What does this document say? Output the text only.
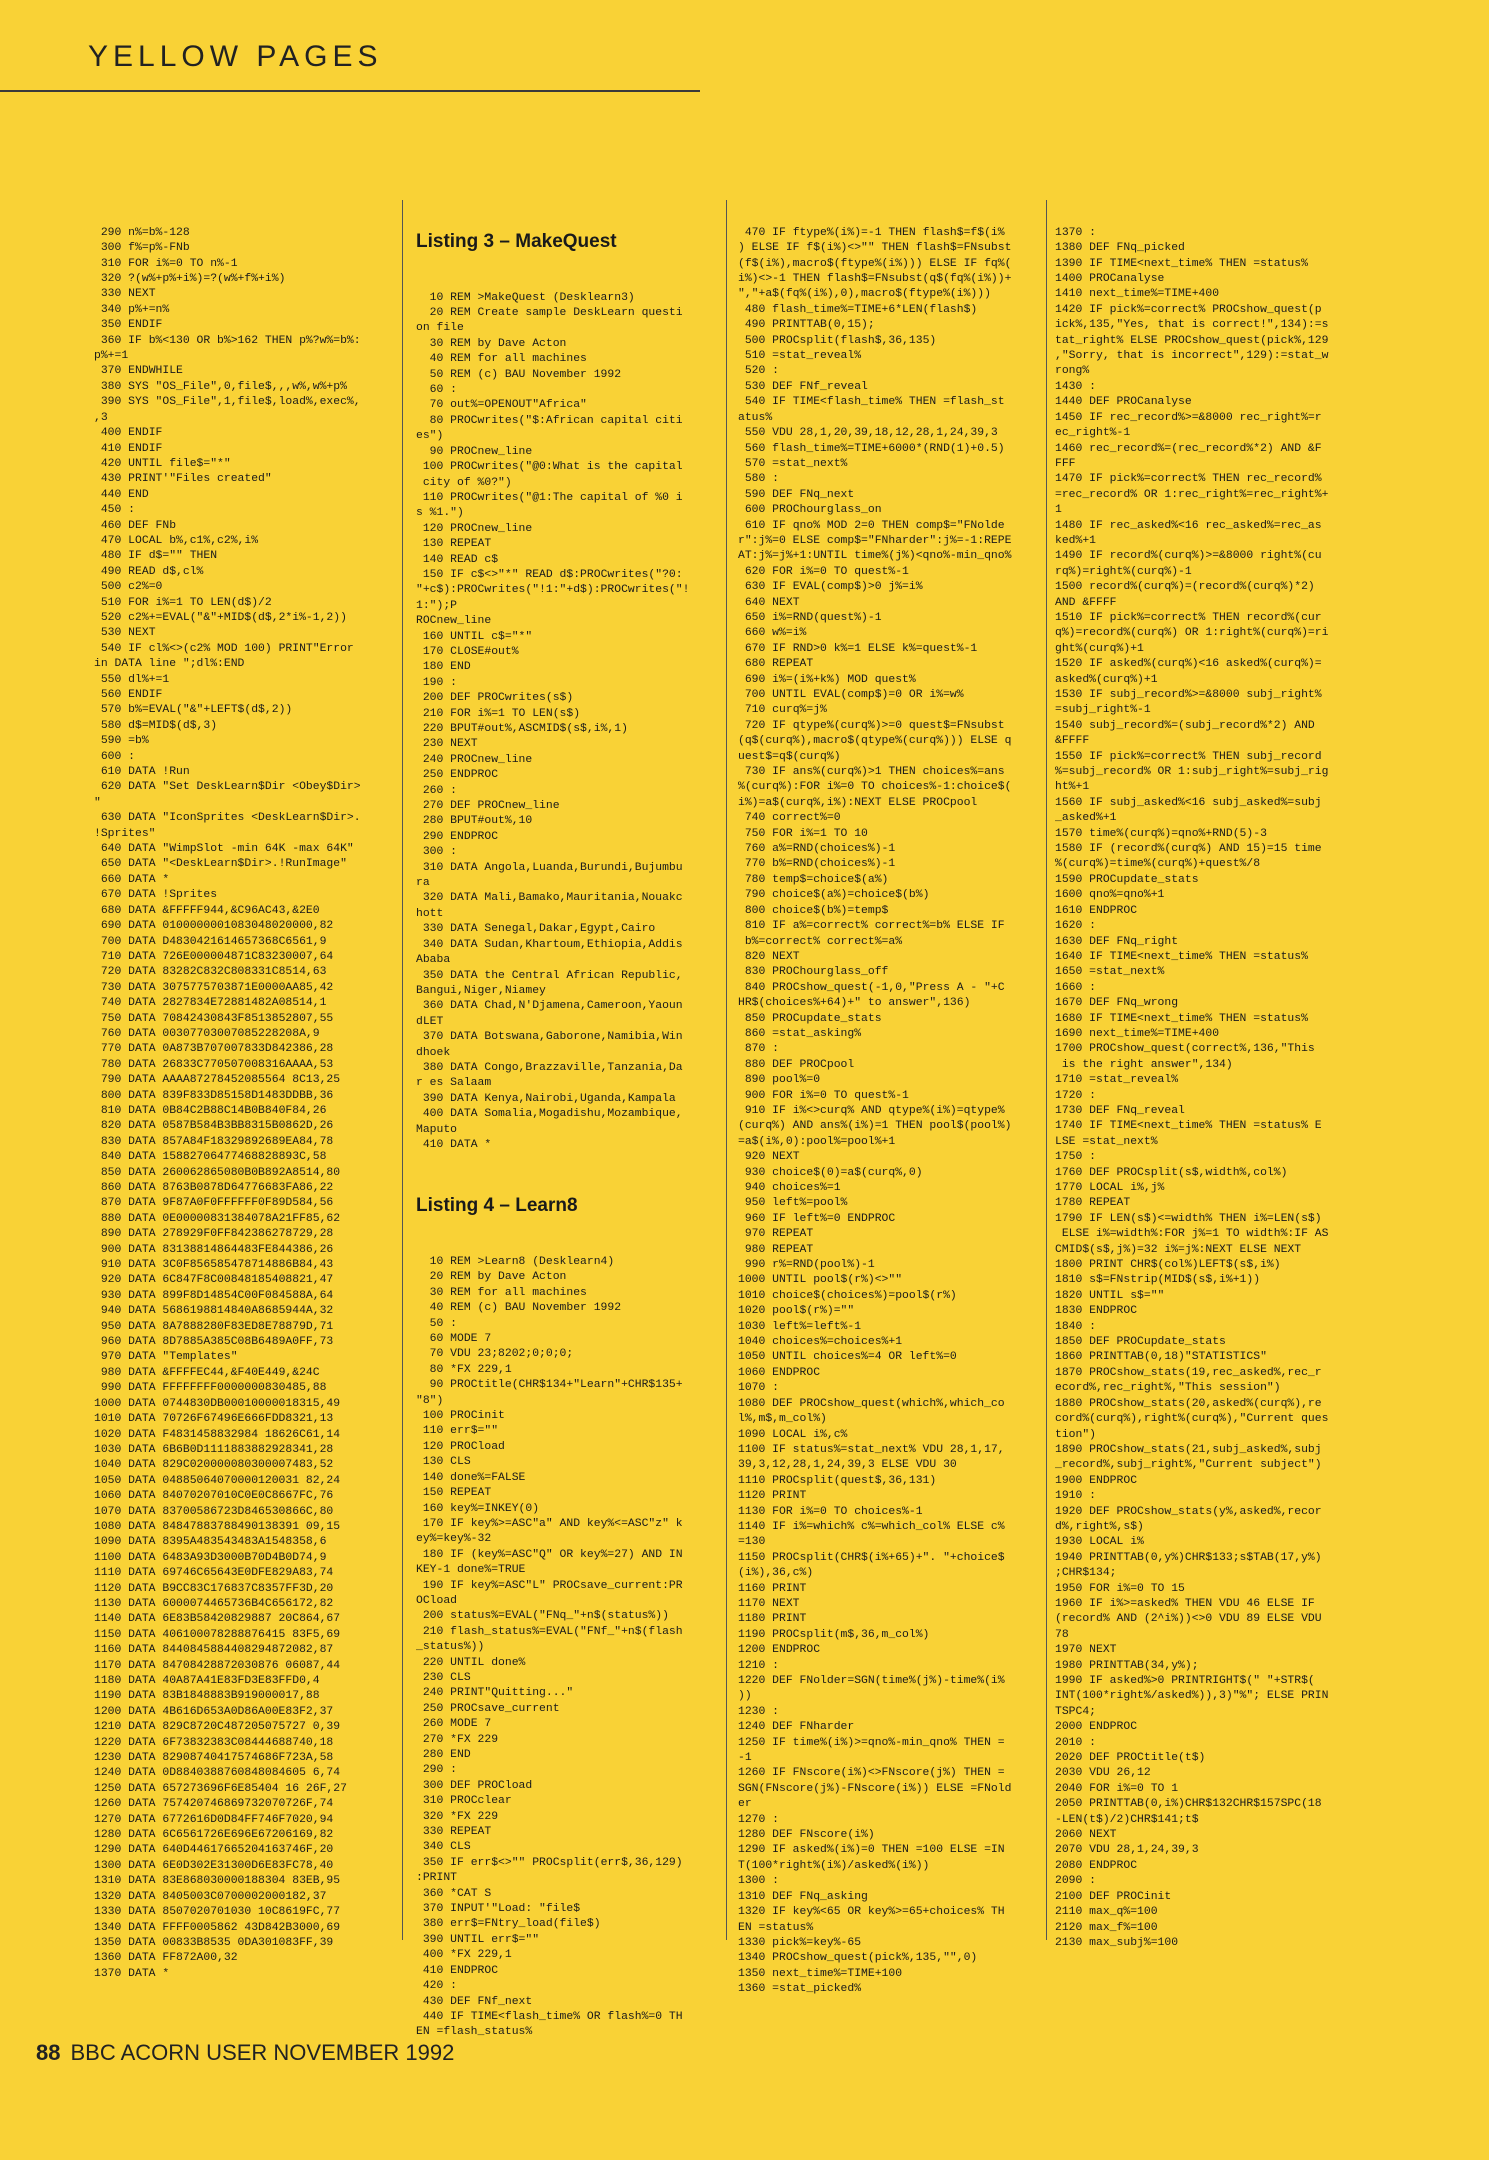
YELLOW PAGES

290 n%=b%-128
300 f%=p%-FNb
310 FOR i%=0 TO n%-1
320 ?(w%+p%+i%)=?(w%+f%+i%)
330 NEXT
340 p%+=n%
350 ENDIF
360 IF b%<130 OR b%>162 THEN p%?w%=b%:
p%+=1
370 ENDWHILE
380 SYS "OS_File",0,file$,,,w%,w%+p%
390 SYS "OS_File",1,file$,load%,exec%,
,3
400 ENDIF
410 ENDIF
420 UNTIL file$="*"
430 PRINT'"Files created"
440 END
450 :
460 DEF FNb
470 LOCAL b%,c1%,c2%,i%
480 IF d$="" THEN
490 READ d$,cl%
500 c2%=0
510 FOR i%=1 TO LEN(d$)/2
520 c2%+=EVAL("&"+MID$(d$,2*i%-1,2))
530 NEXT
540 IF cl%<>(c2% MOD 100) PRINT"Error
in DATA line ";dl%:END
550 dl%+=1
560 ENDIF
570 b%=EVAL("&"+LEFT$(d$,2))
580 d$=MID$(d$,3)
590 =b%
600 :
610 DATA !Run
620 DATA "Set DeskLearn$Dir <Obey$Dir>
"
630 DATA "IconSprites <DeskLearn$Dir>.
!Sprites"
640 DATA "WimpSlot -min 64K -max 64K"
650 DATA "<DeskLearn$Dir>.!RunImage"
660 DATA *
670 DATA !Sprites
680 DATA &FFFFF944,&C96AC43,&2E0
690 DATA 0100000001083048020000,82
700 DATA D4830421614657368C6561,9
710 DATA 726E000004871C83230007,64
720 DATA 83282C832C808331C8514,63
730 DATA 3075775703871E0000AA85,42
740 DATA 2827834E72881482A08514,1
750 DATA 70842430843F8513852807,55
760 DATA 00307703007085228208A,9
770 DATA 0A873B707007833D842386,28
780 DATA 26833C770507008316AAAA,53
790 DATA AAAA87278452085564 8C13,25
800 DATA 839F833D85158D1483DDBB,36
810 DATA 0B84C2B88C14B0B840F84,26
820 DATA 0587B584B3BB8315B0862D,26
830 DATA 857A84F18329892689EA84,78
840 DATA 15882706477468828893C,58
850 DATA 260062865080B0B892A8514,80
860 DATA 8763B0878D64776683FA86,22
870 DATA 9F87A0F0FFFFFF0F89D584,56
880 DATA 0E00000831384078A21FF85,62
890 DATA 278929F0FF842386278729,28
900 DATA 83138814864483FE844386,26
910 DATA 3C0F856585478714886B84,43
920 DATA 6C847F8C00848185408821,47
930 DATA 899F8D14854C00F084588A,64
940 DATA 5686198814840A8685944A,32
950 DATA 8A7888280F83ED8E78879D,71
960 DATA 8D7885A385C08B6489A0FF,73
970 DATA "Templates"
980 DATA &FFFFEC44,&F40E449,&24C
990 DATA FFFFFFFF0000000830485,88
1000 DATA 0744830DB00010000018315,49
1010 DATA 70726F67496E666FDD8321,13
1020 DATA F4831458832984 18626C61,14
1030 DATA 6B6B0D1111883882928341,28
1040 DATA 829C020000080300007483,52
1050 DATA 04885064070000120031 82,24
1060 DATA 84070207010C0E0C8667FC,76
1070 DATA 83700586723D846530866C,80
1080 DATA 84847883788490138391 09,15
1090 DATA 8395A483543483A1548358,6
1100 DATA 6483A93D3000B70D4B0D74,9
1110 DATA 69746C65643E0DFE829A83,74
1120 DATA B9CC83C176837C8357FF3D,20
1130 DATA 6000074465736B4C656172,82
1140 DATA 6E83B58420829887 20C864,67
1150 DATA 406100078288876415 83F5,69
1160 DATA 8440845884408294872082,87
1170 DATA 84708428872030876 06087,44
1180 DATA 40A87A41E83FD3E83FFD0,4
1190 DATA 83B1848883B919000017,88
1200 DATA 4B616D653A0D86A00E83F2,37
1210 DATA 829C8720C487205075727 0,39
1220 DATA 6F73832383C08444688740,18
1230 DATA 82908740417574686F723A,58
1240 DATA 0D8840388760848084605 6,74
1250 DATA 657273696F6E85404 16 26F,27
1260 DATA 757420746869732070726F,74
1270 DATA 6772616D0D84FF746F7020,94
1280 DATA 6C6561726E696E67206169,82
1290 DATA 640D44617665204163746F,20
1300 DATA 6E0D302E31300D6E83FC78,40
1310 DATA 83E868030000188304 83EB,95
1320 DATA 8405003C0700002000182,37
1330 DATA 8507020701030 10C8619FC,77
1340 DATA FFFF0005862 43D842B3000,69
1350 DATA 00833B8535 0DA301083FF,39
1360 DATA FF872A00,32
1370 DATA *

Listing 3 – MakeQuest

10 REM >MakeQuest (Desklearn3)
20 REM Create sample DeskLearn questi
on file
30 REM by Dave Acton
40 REM for all machines
50 REM (c) BAU November 1992
60 :
70 out%=OPENOUT"Africa"
80 PROCwrites("$:African capital citi
es")
90 PROCnew_line
100 PROCwrites("@0:What is the capital
city of %0?")
110 PROCwrites("@1:The capital of %0 i
s %1.")
120 PROCnew_line
130 REPEAT
140 READ c$
150 IF c$<>"*" READ d$:PROCwrites("?0:
"+c$):PROCwrites("!1:"+d$):PROCwrites("!1:");P
ROCnew_line
160 UNTIL c$="*"
170 CLOSE#out%
180 END
190 :
200 DEF PROCwrites(s$)
210 FOR i%=1 TO LEN(s$)
220 BPUT#out%,ASCMID$(s$,i%,1)
230 NEXT
240 PROCnew_line
250 ENDPROC
260 :
270 DEF PROCnew_line
280 BPUT#out%,10
290 ENDPROC
300 :
310 DATA Angola,Luanda,Burundi,Bujumbu
ra
320 DATA Mali,Bamako,Mauritania,Nouakc
hott
330 DATA Senegal,Dakar,Egypt,Cairo
340 DATA Sudan,Khartoum,Ethiopia,Addis
Ababa
350 DATA the Central African Republic,
Bangui,Niger,Niamey
360 DATA Chad,N'Djamena,Cameroon,Yaoun
dLET
370 DATA Botswana,Gaborone,Namibia,Win
dhoek
380 DATA Congo,Brazzaville,Tanzania,Da
r es Salaam
390 DATA Kenya,Nairobi,Uganda,Kampala
400 DATA Somalia,Mogadishu,Mozambique,
Maputo
410 DATA *

Listing 4 – Learn8

10 REM >Learn8 (Desklearn4)
20 REM by Dave Acton
30 REM for all machines
40 REM (c) BAU November 1992
50 :
60 MODE 7
70 VDU 23;8202;0;0;0;
80 *FX 229,1
90 PROCtitle(CHR$134+"Learn"+CHR$135+
"8")
100 PROCinit
110 err$=""
120 PROCload
130 CLS
140 done%=FALSE
150 REPEAT
160 key%=INKEY(0)
170 IF key%>=ASC"a" AND key%<=ASC"z" k
ey%=key%-32
180 IF (key%=ASC"Q" OR key%=27) AND IN
KEY-1 done%=TRUE
190 IF key%=ASC"L" PROCsave_current:PR
OCload
200 status%=EVAL("FNq_"+n$(status%))
210 flash_status%=EVAL("FNf_"+n$(flash
_status%))
220 UNTIL done%
230 CLS
240 PRINT"Quitting..."
250 PROCsave_current
260 MODE 7
270 *FX 229
280 END
290 :
300 DEF PROCload
310 PROCclear
320 *FX 229
330 REPEAT
340 CLS
350 IF err$<>"" PROCsplit(err$,36,129)
:PRINT
360 *CAT S
370 INPUT'"Load: "file$
380 err$=FNtry_load(file$)
390 UNTIL err$=""
400 *FX 229,1
410 ENDPROC
420 :
430 DEF FNf_next
440 IF TIME<flash_time% OR flash%=0 TH
EN =flash_status%

470 IF ftype%(i%)=-1 THEN flash$=f$(i%
) ELSE IF f$(i%)<>"" THEN flash$=FNsubst
(f$(i%),macro$(ftype%(i%))) ELSE IF fq%(
i%)<>-1 THEN flash$=FNsubst(q$(fq%(i%))+
","+a$(fq%(i%),0),macro$(ftype%(i%)))
480 flash_time%=TIME+6*LEN(flash$)
490 PRINTTAB(0,15);
500 PROCsplit(flash$,36,135)
510 =stat_reveal%
520 :
530 DEF FNf_reveal
540 IF TIME<flash_time% THEN =flash_st
atus%
550 VDU 28,1,20,39,18,12,28,1,24,39,3
560 flash_time%=TIME+6000*(RND(1)+0.5)
570 =stat_next%
580 :
590 DEF FNq_next
600 PROChourglass_on
610 IF qno% MOD 2=0 THEN comp$="FNolde
r":j%=0 ELSE comp$="FNharder":j%=-1:REPE
AT:j%=j%+1:UNTIL time%(j%)<qno%-min_qno%
620 FOR i%=0 TO quest%-1
630 IF EVAL(comp$)>0 j%=i%
640 NEXT
650 i%=RND(quest%)-1
660 w%=i%
670 IF RND>0 k%=1 ELSE k%=quest%-1
680 REPEAT
690 i%=(i%+k%) MOD quest%
700 UNTIL EVAL(comp$)=0 OR i%=w%
710 curq%=j%
720 IF qtype%(curq%)>=0 quest$=FNsubst
(q$(curq%),macro$(qtype%(curq%))) ELSE q
uest$=q$(curq%)
730 IF ans%(curq%)>1 THEN choices%=ans
%(curq%):FOR i%=0 TO choices%-1:choice$(
i%)=a$(curq%,i%):NEXT ELSE PROCpool
740 correct%=0
750 FOR i%=1 TO 10
760 a%=RND(choices%)-1
770 b%=RND(choices%)-1
780 temp$=choice$(a%)
790 choice$(a%)=choice$(b%)
800 choice$(b%)=temp$
810 IF a%=correct% correct%=b% ELSE IF
b%=correct% correct%=a%
820 NEXT
830 PROChourglass_off
840 PROCshow_quest(-1,0,"Press A - "+C
HR$(choices%+64)+" to answer",136)
850 PROCupdate_stats
860 =stat_asking%
870 :
880 DEF PROCpool
890 pool%=0
900 FOR i%=0 TO quest%-1
910 IF i%<>curq% AND qtype%(i%)=qtype%
(curq%) AND ans%(i%)=1 THEN pool$(pool%)
=a$(i%,0):pool%=pool%+1
920 NEXT
930 choice$(0)=a$(curq%,0)
940 choices%=1
950 left%=pool%
960 IF left%=0 ENDPROC
970 REPEAT
980 REPEAT
990 r%=RND(pool%)-1
1000 UNTIL pool$(r%)<>""
1010 choice$(choices%)=pool$(r%)
1020 pool$(r%)=""
1030 left%=left%-1
1040 choices%=choices%+1
1050 UNTIL choices%=4 OR left%=0
1060 ENDPROC
1070 :
1080 DEF PROCshow_quest(which%,which_co
l%,m$,m_col%)
1090 LOCAL i%,c%
1100 IF status%=stat_next% VDU 28,1,17,
39,3,12,28,1,24,39,3 ELSE VDU 30
1110 PROCsplit(quest$,36,131)
1120 PRINT
1130 FOR i%=0 TO choices%-1
1140 IF i%=which% c%=which_col% ELSE c%
=130
1150 PROCsplit(CHR$(i%+65)+". "+choice$
(i%),36,c%)
1160 PRINT
1170 NEXT
1180 PRINT
1190 PROCsplit(m$,36,m_col%)
1200 ENDPROC
1210 :
1220 DEF FNolder=SGN(time%(j%)-time%(i%
))
1230 :
1240 DEF FNharder
1250 IF time%(i%)>=qno%-min_qno% THEN =
-1
1260 IF FNscore(i%)<>FNscore(j%) THEN =
SGN(FNscore(j%)-FNscore(i%)) ELSE =FNold
er
1270 :
1280 DEF FNscore(i%)
1290 IF asked%(i%)=0 THEN =100 ELSE =IN
T(100*right%(i%)/asked%(i%))
1300 :
1310 DEF FNq_asking
1320 IF key%<65 OR key%>=65+choices% TH
EN =status%
1330 pick%=key%-65
1340 PROCshow_quest(pick%,135,"",0)
1350 next_time%=TIME+100
1360 =stat_picked%

1370 :
1380 DEF FNq_picked
1390 IF TIME<next_time% THEN =status%
1400 PROCanalyse
1410 next_time%=TIME+400
1420 IF pick%=correct% PROCshow_quest(p
ick%,135,"Yes, that is correct!",134):=s
tat_right% ELSE PROCshow_quest(pick%,129
,"Sorry, that is incorrect",129):=stat_w
rong%
1430 :
1440 DEF PROCanalyse
1450 IF rec_record%>=&8000 rec_right%=r
ec_right%-1
1460 rec_record%=(rec_record%*2) AND &F
FFF
1470 IF pick%=correct% THEN rec_record%
=rec_record% OR 1:rec_right%=rec_right%+
1
1480 IF rec_asked%<16 rec_asked%=rec_as
ked%+1
1490 IF record%(curq%)>=&8000 right%(cu
rq%)=right%(curq%)-1
1500 record%(curq%)=(record%(curq%)*2)
AND &FFFF
1510 IF pick%=correct% THEN record%(cur
q%)=record%(curq%) OR 1:right%(curq%)=ri
ght%(curq%)+1
1520 IF asked%(curq%)<16 asked%(curq%)=
asked%(curq%)+1
1530 IF subj_record%>=&8000 subj_right%
=subj_right%-1
1540 subj_record%=(subj_record%*2) AND
&FFFF
1550 IF pick%=correct% THEN subj_record
%=subj_record% OR 1:subj_right%=subj_rig
ht%+1
1560 IF subj_asked%<16 subj_asked%=subj
_asked%+1
1570 time%(curq%)=qno%+RND(5)-3
1580 IF (record%(curq%) AND 15)=15 time
%(curq%)=time%(curq%)+quest%/8
1590 PROCupdate_stats
1600 qno%=qno%+1
1610 ENDPROC
1620 :
1630 DEF FNq_right
1640 IF TIME<next_time% THEN =status%
1650 =stat_next%
1660 :
1670 DEF FNq_wrong
1680 IF TIME<next_time% THEN =status%
1690 next_time%=TIME+400
1700 PROCshow_quest(correct%,136,"This
is the right answer",134)
1710 =stat_reveal%
1720 :
1730 DEF FNq_reveal
1740 IF TIME<next_time% THEN =status% E
LSE =stat_next%
1750 :
1760 DEF PROCsplit(s$,width%,col%)
1770 LOCAL i%,j%
1780 REPEAT
1790 IF LEN(s$)<=width% THEN i%=LEN(s$)
ELSE i%=width%:FOR j%=1 TO width%:IF AS
CMID$(s$,j%)=32 i%=j%:NEXT ELSE NEXT
1800 PRINT CHR$(col%)LEFT$(s$,i%)
1810 s$=FNstrip(MID$(s$,i%+1))
1820 UNTIL s$=""
1830 ENDPROC
1840 :
1850 DEF PROCupdate_stats
1860 PRINTTAB(0,18)"STATISTICS"
1870 PROCshow_stats(19,rec_asked%,rec_r
ecord%,rec_right%,"This session")
1880 PROCshow_stats(20,asked%(curq%),re
cord%(curq%),right%(curq%),"Current ques
tion")
1890 PROCshow_stats(21,subj_asked%,subj
_record%,subj_right%,"Current subject")
1900 ENDPROC
1910 :
1920 DEF PROCshow_stats(y%,asked%,recor
d%,right%,s$)
1930 LOCAL i%
1940 PRINTTAB(0,y%)CHR$133;s$TAB(17,y%)
;CHR$134;
1950 FOR i%=0 TO 15
1960 IF i%>=asked% THEN VDU 46 ELSE IF
(record% AND (2^i%))<>0 VDU 89 ELSE VDU
78
1970 NEXT
1980 PRINTTAB(34,y%);
1990 IF asked%>0 PRINTRIGHT$(" "+STR$(
INT(100*right%/asked%)),3)"%"; ELSE PRIN
TSPC4;
2000 ENDPROC
2010 :
2020 DEF PROCtitle(t$)
2030 VDU 26,12
2040 FOR i%=0 TO 1
2050 PRINTTAB(0,i%)CHR$132CHR$157SPC(18
-LEN(t$)/2)CHR$141;t$
2060 NEXT
2070 VDU 28,1,24,39,3
2080 ENDPROC
2090 :
2100 DEF PROCinit
2110 max_q%=100
2120 max_f%=100
2130 max_subj%=100

88 BBC ACORN USER NOVEMBER 1992
